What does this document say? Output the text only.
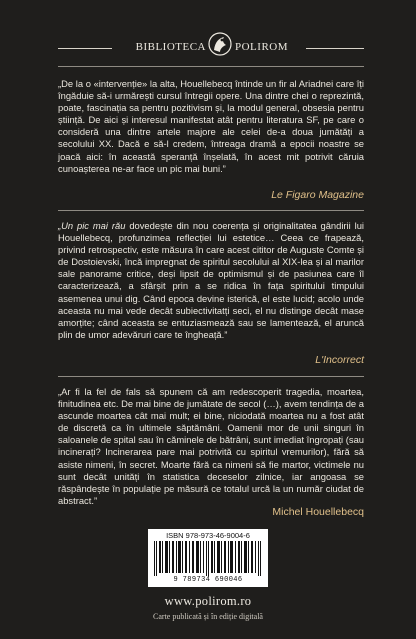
BIBLIOTECA	POLIROM
„De la o «intervenție» la alta, Houellebecq întinde un fir al Ariadnei care îți îngăduie să-i urmărești cursul întregii opere. Una dintre chei o reprezintă, poate, fascinația sa pentru pozitivism și, la modul general, obsesia pentru știință. De aici și interesul manifestat atât pentru literatura SF, pe care o consideră una dintre artele majore ale celei de-a doua jumătăți a secolului XX. Dacă e să-l credem, întreaga dramă a epocii noastre se joacă aici: în această speranță înșelată, în acest mit potrivit căruia cunoașterea ne-ar face un pic mai buni.”
Le Figaro Magazine
„Un pic mai rău dovedește din nou coerența și originalitatea gândirii lui Houellebecq, profunzimea reflecției lui estetice… Ceea ce frapează, privind retrospectiv, este măsura în care acest cititor de Auguste Comte și de Dostoievski, încă impregnat de spiritul secolului al XIX-lea și al marilor sale panorame critice, deși lipsit de optimismul și de pasiunea care îl caracterizează, a sfârșit prin a se ridica în fața spiritului timpului asemenea unui dig. Când epoca devine isterică, el este lucid; acolo unde aceasta nu mai vede decât subiectivitatți seci, el nu distinge decât mase amorțite; când aceasta se entuziasmează sau se lamentează, el aruncă plin de umor adevăruri care te îngheață.”
L'Incorrect
„Ar fi la fel de fals să spunem că am redescoperit tragedia, moartea, finitudinea etc. De mai bine de jumătate de secol (…), avem tendința de a ascunde moartea cât mai mult; ei bine, niciodată moartea nu a fost atât de discretă ca în ultimele săptămâni. Oamenii mor de unii singuri în saloanele de spital sau în căminele de bătrâni, sunt imediat îngropați (sau incinerați? Incinerarea pare mai potrivită cu spiritul vremurilor), fără să asiste nimeni, în secret. Moarte fără ca nimeni să fie martor, victimele nu sunt decât unități în statistica deceselor zilnice, iar angoasa se răspândește în populație pe măsură ce totalul urcă la un număr ciudat de abstract.”
Michel Houellebecq
ISBN 978-973-46-9004-6
9 789734 690046
www.polirom.ro
Carte publicată și în ediție digitală
